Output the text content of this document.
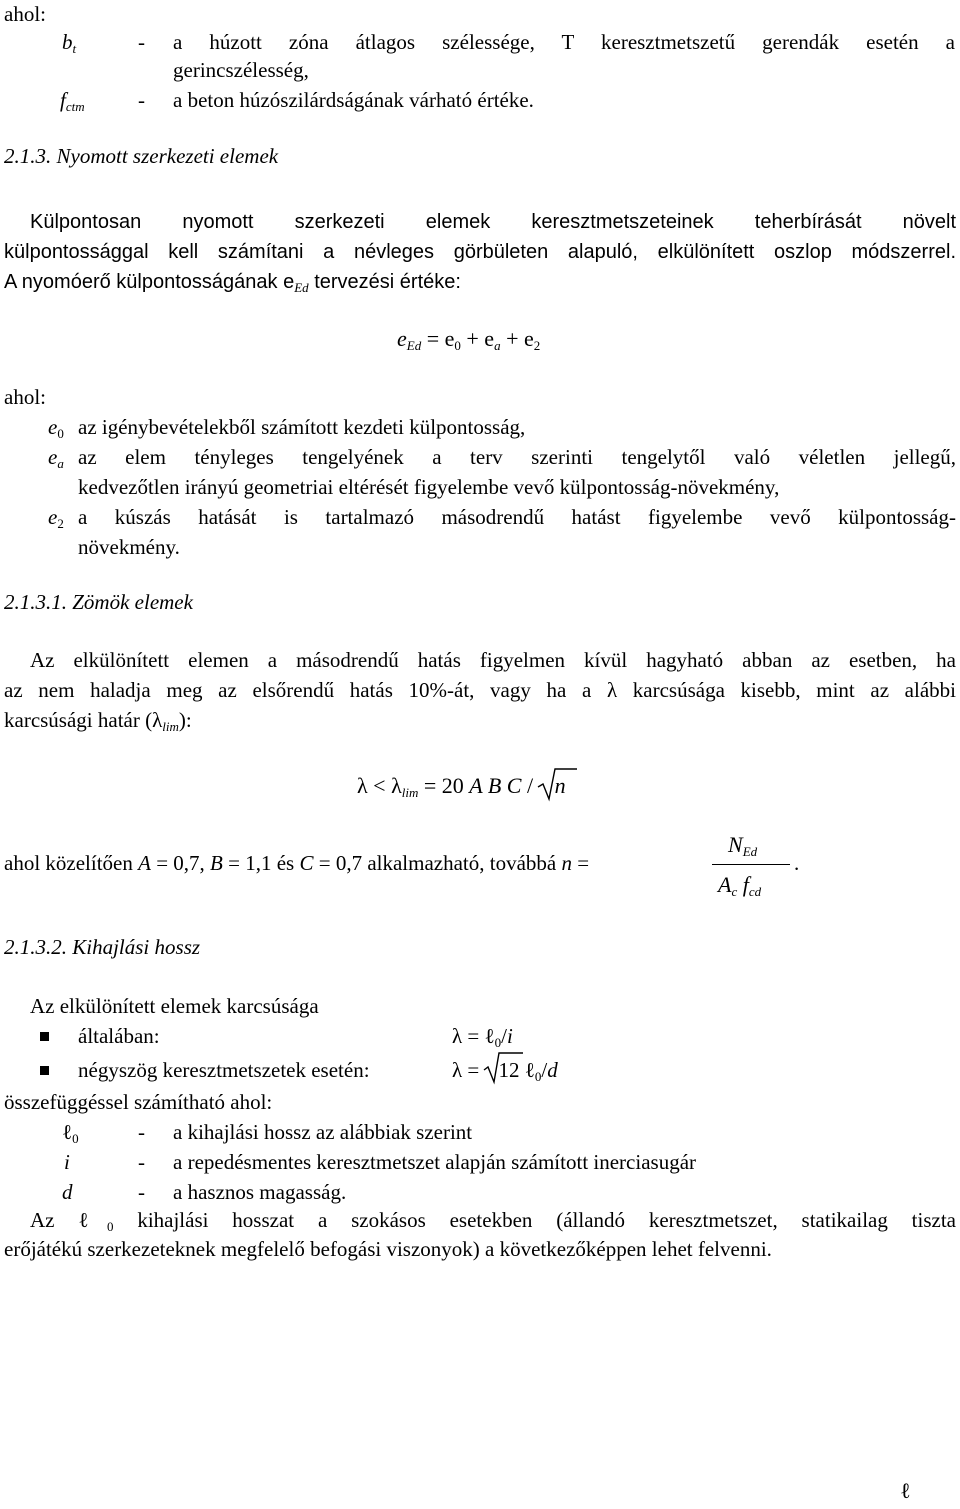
ahol:
$b_t$	- a húzott zóna átlagos szélessége, T keresztmetszetű gerendák esetén a
gerincszélesség,
$f_{ctm}$	- a beton húzószilárdságának várható értéke.
2.1.3. Nyomott szerkezeti elemek
Külpontosan nyomott szerkezeti elemek keresztmetszeteinek teherbírását növelt
külpontossággal kell számítani a névleges görbületen alapuló, elkülönített oszlop módszerrel.
A nyomóerő külpontosságának $e_{Ed}$ tervezési értéke:
$e_{Ed} = e_0 + e_a + e_2$
ahol:
$e_0$ az igénybevételekből számított kezdeti külpontosság,
$e_a$ az elem tényleges tengelyének a terv szerinti tengelytől való véletlen jellegű,
kedvezőtlen irányú geometriai eltérését figyelembe vevő külpontosság-növekmény,
$e_2$ a kúszás hatását is tartalmazó másodrendű hatást figyelembe vevő külpontosság-
növekmény.
2.1.3.1. Zömök elemek
Az elkülönített elemen a másodrendű hatás figyelmen kívül hagyható abban az esetben, ha
az nem haladja meg az elsőrendű hatás 10%-át, vagy ha a λ karcsúsága kisebb, mint az alábbi
karcsúsági határ $(\lambda_{lim})$:
$\lambda < \lambda_{lim} = 20$ A B C /
n
ahol közelítően A = 0,7, B = 1,1 és C = 0,7 alkalmazható, továbbá n =
$N_{Ed}$
$A_c$ $f_{cd}$
.
2.1.3.2. Kihajlási hossz
Az elkülönített elemek karcsúsága
általában:	λ = ℓ$_0$/i
négyszög keresztmetszetek esetén:	λ =
12 ℓ$_0$/d
összefüggéssel számítható ahol:
ℓ$_0$	- a kihajlási hossz az alábbiak szerint
i	- a repedésmentes keresztmetszet alapján számított inerciasugár
d	- a hasznos magasság.
Az ℓ$_0$ kihajlási hosszat a szokásos esetekben (állandó keresztmetszet, statikailag tiszta
erőjátékú szerkezeteknek megfelelő befogási viszonyok) a következőképpen lehet felvenni.
ℓ
